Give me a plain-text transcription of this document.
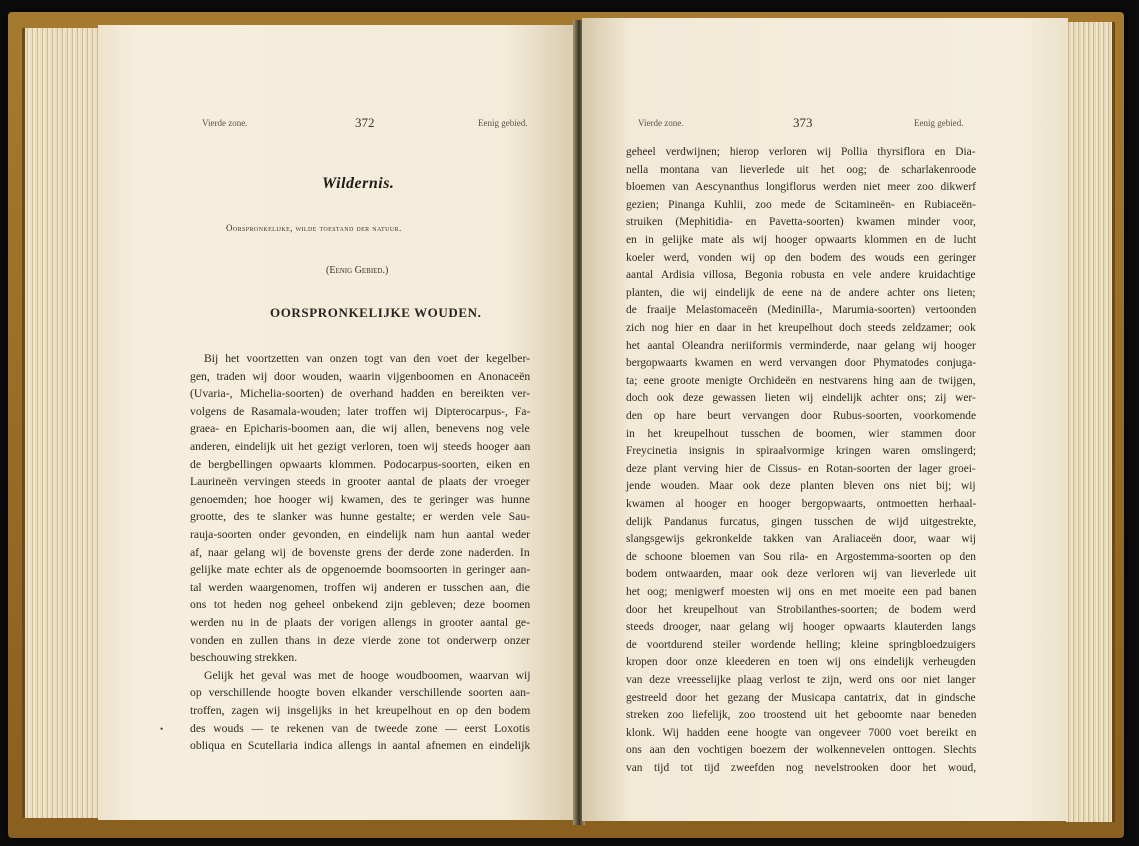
Vierde zone.	372	Eenig gebied.
Wildernis.
Oorspronkelijke, wilde toestand der natuur.
(Eenig Gebied.)
OORSPRONKELIJKE WOUDEN.
Bij het voortzetten van onzen togt van den voet der kegelber-
gen, traden wij door wouden, waarin vijgenboomen en Anonaceën
(Uvaria-, Michelia-soorten) de overhand hadden en bereikten ver-
volgens de Rasamala-wouden; later troffen wij Dipterocarpus-, Fa-
graea- en Epicharis-boomen aan, die wij allen, benevens nog vele
anderen, eindelijk uit het gezigt verloren, toen wij steeds hooger aan
de bergbellingen opwaarts klommen. Podocarpus-soorten, eiken en
Laurineën vervingen steeds in grooter aantal de plaats der vroeger
genoemden; hoe hooger wij kwamen, des te geringer was hunne
grootte, des te slanker was hunne gestalte; er werden vele Sau-
rauja-soorten onder gevonden, en eindelijk nam hun aantal weder
af, naar gelang wij de bovenste grens der derde zone naderden. In
gelijke mate echter als de opgenoemde boomsoorten in geringer aan-
tal werden waargenomen, troffen wij anderen er tusschen aan, die
ons tot heden nog geheel onbekend zijn gebleven; deze boomen
werden nu in de plaats der vorigen allengs in grooter aantal ge-
vonden en zullen thans in deze vierde zone tot onderwerp onzer
beschouwing strekken.
Gelijk het geval was met de hooge woudboomen, waarvan wij
op verschillende hoogte boven elkander verschillende soorten aan-
troffen, zagen wij insgelijks in het kreupelhout en op den bodem
des wouds — te rekenen van de tweede zone — eerst Loxotis
obliqua en Scutellaria indica allengs in aantal afnemen en eindelijk
•
Vierde zone.	373	Eenig gebied.
geheel verdwijnen; hierop verloren wij Pollia thyrsiflora en Dia-
nella montana van lieverlede uit het oog; de scharlakenroode
bloemen van Aescynanthus longiflorus werden niet meer zoo dikwerf
gezien; Pinanga Kuhlii, zoo mede de Scitamineën- en Rubiaceën-
struiken (Mephitidia- en Pavetta-soorten) kwamen minder voor,
en in gelijke mate als wij hooger opwaarts klommen en de lucht
koeler werd, vonden wij op den bodem des wouds een geringer
aantal Ardisia villosa, Begonia robusta en vele andere kruidachtige
planten, die wij eindelijk de eene na de andere achter ons lieten;
de fraaije Melastomaceën (Medinilla-, Marumia-soorten) vertoonden
zich nog hier en daar in het kreupelhout doch steeds zeldzamer; ook
het aantal Oleandra neriiformis verminderde, naar gelang wij hooger
bergopwaarts kwamen en werd vervangen door Phymatodes conjuga-
ta; eene groote menigte Orchideën en nestvarens hing aan de twijgen,
doch ook deze gewassen lieten wij eindelijk achter ons; zij wer-
den op hare beurt vervangen door Rubus-soorten, voorkomende
in het kreupelhout tusschen de boomen, wier stammen door
Freycinetia insignis in spiraalvormige kringen waren omslingerd;
deze plant verving hier de Cissus- en Rotan-soorten der lager groei-
jende wouden. Maar ook deze planten bleven ons niet bij; wij
kwamen al hooger en hooger bergopwaarts, ontmoetten herhaal-
delijk Pandanus furcatus, gingen tusschen de wijd uitgestrekte,
slangsgewijs gekronkelde takken van Araliaceën door, waar wij
de schoone bloemen van Sou rila- en Argostemma-soorten op den
bodem ontwaarden, maar ook deze verloren wij van lieverlede uit
het oog; menigwerf moesten wij ons en met moeite een pad banen
door het kreupelhout van Strobilanthes-soorten; de bodem werd
steeds drooger, naar gelang wij hooger opwaarts klauterden langs
de voortdurend steiler wordende helling; kleine springbloedzuigers
kropen door onze kleederen en toen wij ons eindelijk verheugden
van deze vreesselijke plaag verlost te zijn, werd ons oor niet langer
gestreeld door het gezang der Musicapa cantatrix, dat in gindsche
streken zoo liefelijk, zoo troostend uit het geboomte naar beneden
klonk. Wij hadden eene hoogte van ongeveer 7000 voet bereikt en
ons aan den vochtigen boezem der wolkennevelen onttogen. Slechts
van tijd tot tijd zweefden nog nevelstrooken door het woud,
